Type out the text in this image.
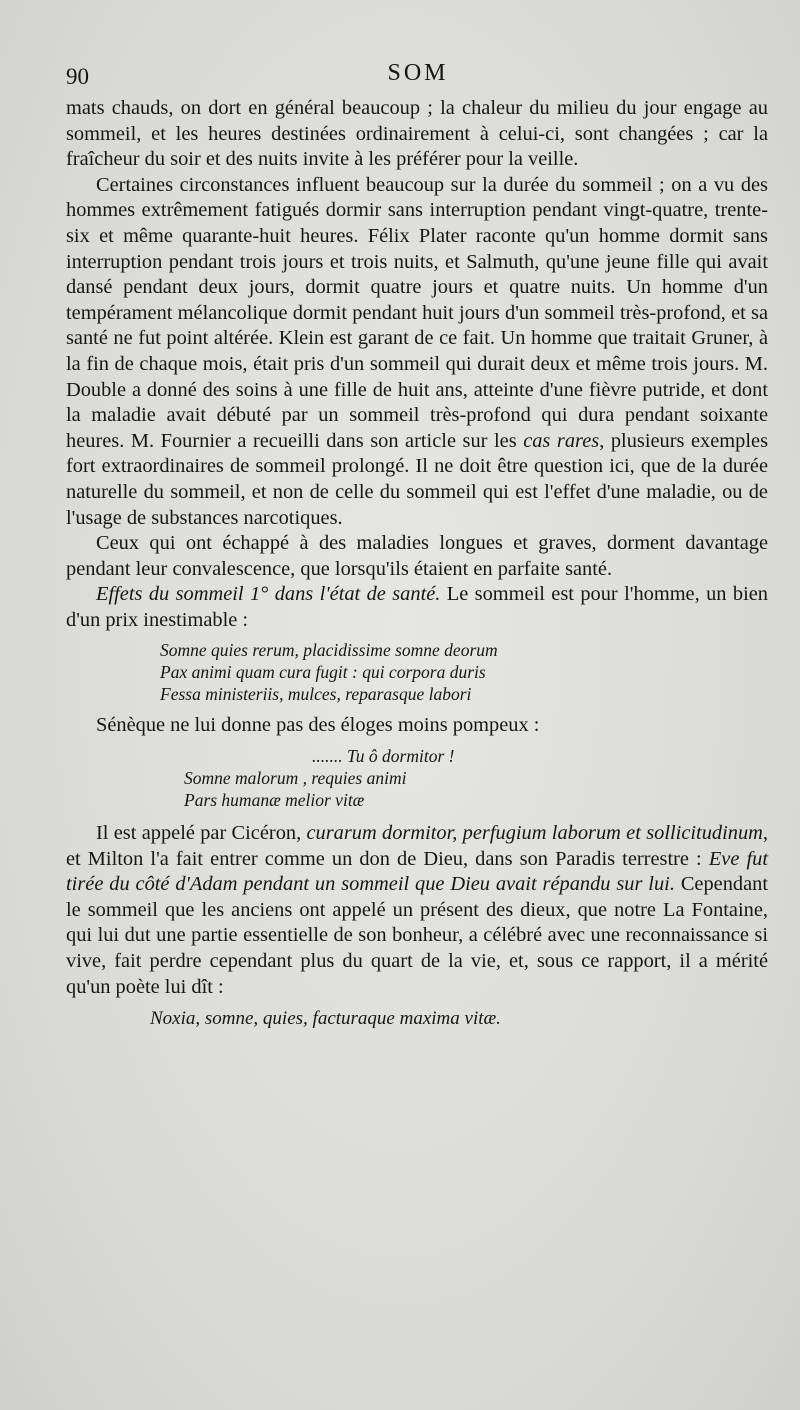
90	SOM

mats chauds, on dort en général beaucoup ; la chaleur du milieu du jour engage au sommeil, et les heures destinées ordinairement à celui-ci, sont changées ; car la fraîcheur du soir et des nuits invite à les préférer pour la veille.

Certaines circonstances influent beaucoup sur la durée du sommeil ; on a vu des hommes extrêmement fatigués dormir sans interruption pendant vingt-quatre, trente-six et même quarante-huit heures. Félix Plater raconte qu'un homme dormit sans interruption pendant trois jours et trois nuits, et Salmuth, qu'une jeune fille qui avait dansé pendant deux jours, dormit quatre jours et quatre nuits. Un homme d'un tempérament mélancolique dormit pendant huit jours d'un sommeil très-profond, et sa santé ne fut point altérée. Klein est garant de ce fait. Un homme que traitait Gruner, à la fin de chaque mois, était pris d'un sommeil qui durait deux et même trois jours. M. Double a donné des soins à une fille de huit ans, atteinte d'une fièvre putride, et dont la maladie avait débuté par un sommeil très-profond qui dura pendant soixante heures. M. Fournier a recueilli dans son article sur les cas rares, plusieurs exemples fort extraordinaires de sommeil prolongé. Il ne doit être question ici, que de la durée naturelle du sommeil, et non de celle du sommeil qui est l'effet d'une maladie, ou de l'usage de substances narcotiques.

Ceux qui ont échappé à des maladies longues et graves, dorment davantage pendant leur convalescence, que lorsqu'ils étaient en parfaite santé.

Effets du sommeil 1° dans l'état de santé. Le sommeil est pour l'homme, un bien d'un prix inestimable :

Somne quies rerum, placidissime somne deorum
Pax animi quam cura fugit : qui corpora duris
Fessa ministeriis, mulces, reparasque labori

Sénèque ne lui donne pas des éloges moins pompeux :

....... Tu ô dormitor !
Somne malorum , requies animi
Pars humanæ melior vitæ

Il est appelé par Cicéron, curarum dormitor, perfugium laborum et sollicitudinum, et Milton l'a fait entrer comme un don de Dieu, dans son Paradis terrestre : Eve fut tirée du côté d'Adam pendant un sommeil que Dieu avait répandu sur lui. Cependant le sommeil que les anciens ont appelé un présent des dieux, que notre La Fontaine, qui lui dut une partie essentielle de son bonheur, a célébré avec une reconnaissance si vive, fait perdre cependant plus du quart de la vie, et, sous ce rapport, il a mérité qu'un poète lui dît :

Noxia, somne, quies, facturaque maxima vitæ.
